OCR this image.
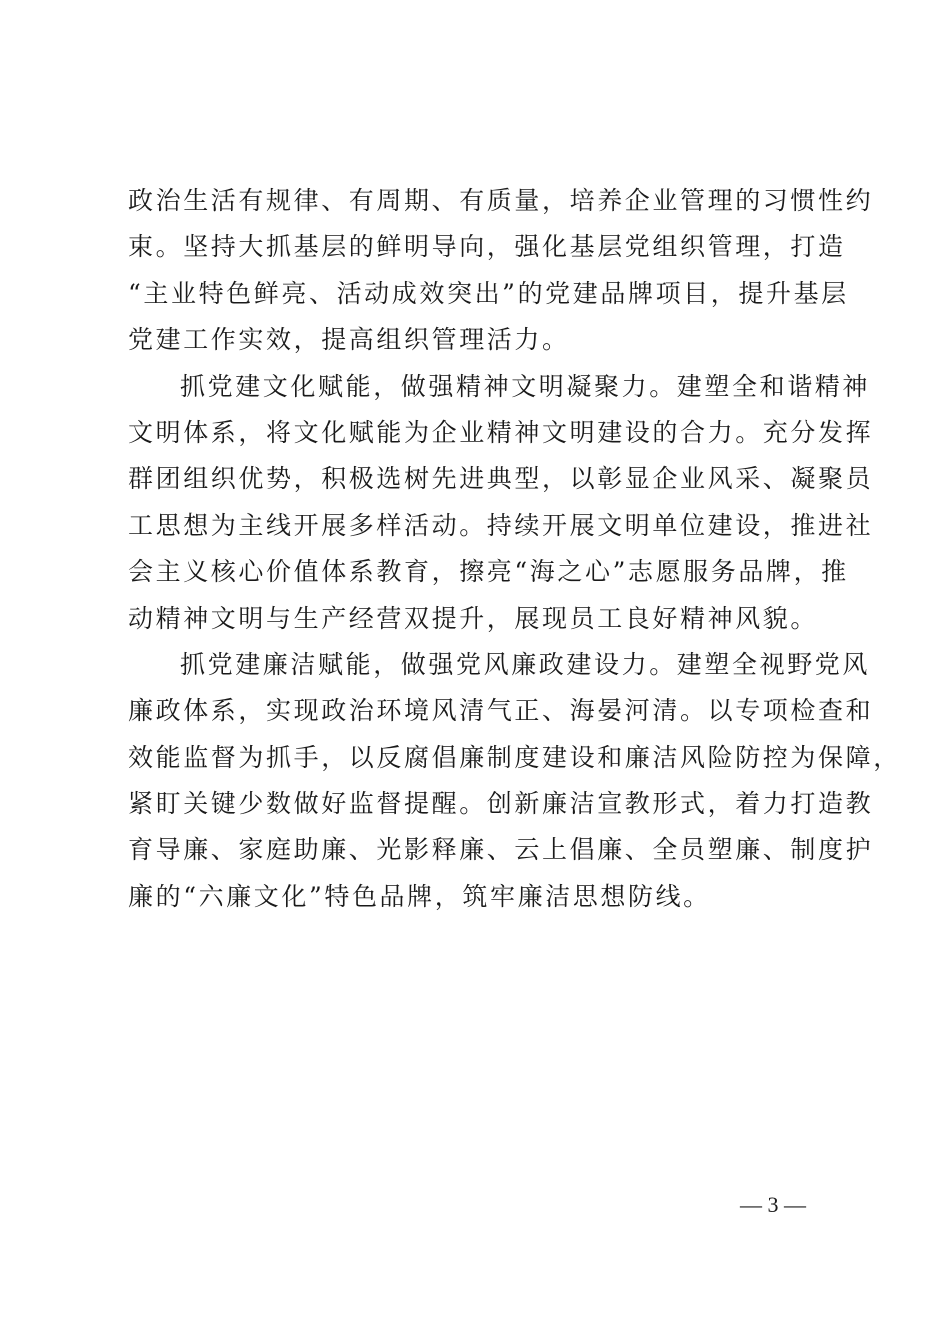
政治生活有规律、有周期、有质量，培养企业管理的习惯性约
束。坚持大抓基层的鲜明导向，强化基层党组织管理，打造
“主业特色鲜亮、活动成效突出”的党建品牌项目，提升基层
党建工作实效，提高组织管理活力。
抓党建文化赋能，做强精神文明凝聚力。建塑全和谐精神
文明体系，将文化赋能为企业精神文明建设的合力。充分发挥
群团组织优势，积极选树先进典型，以彰显企业风采、凝聚员
工思想为主线开展多样活动。持续开展文明单位建设，推进社
会主义核心价值体系教育，擦亮“海之心”志愿服务品牌，推
动精神文明与生产经营双提升，展现员工良好精神风貌。
抓党建廉洁赋能，做强党风廉政建设力。建塑全视野党风
廉政体系，实现政治环境风清气正、海晏河清。以专项检查和
效能监督为抓手，以反腐倡廉制度建设和廉洁风险防控为保障，
紧盯关键少数做好监督提醒。创新廉洁宣教形式，着力打造教
育导廉、家庭助廉、光影释廉、云上倡廉、全员塑廉、制度护
廉的“六廉文化”特色品牌，筑牢廉洁思想防线。
— 3 —
